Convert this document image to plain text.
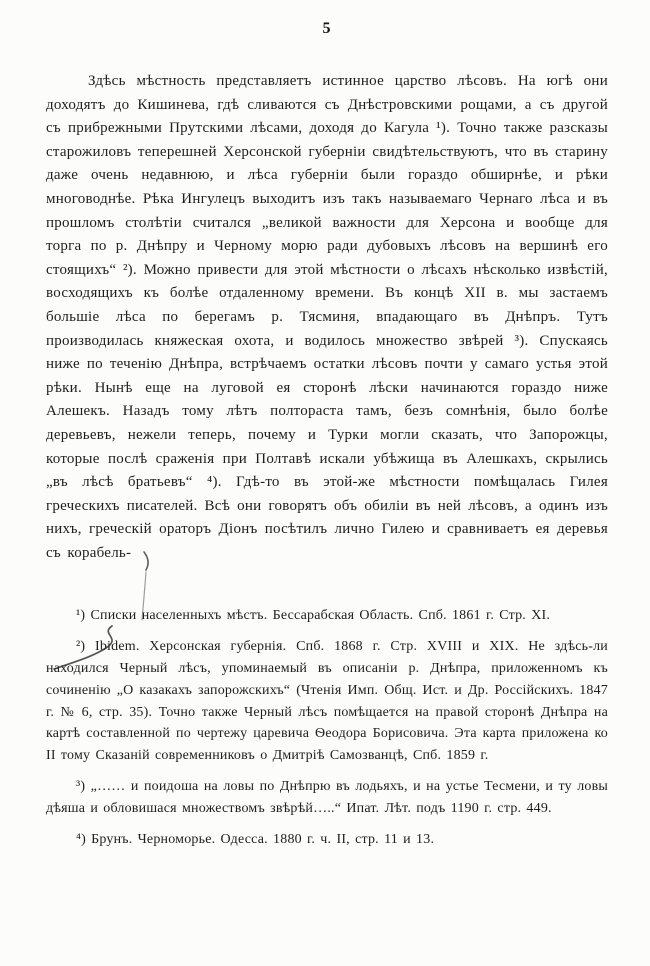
5

Здѣсь мѣстность представляетъ истинное царство лѣсовъ. На югѣ они доходятъ до Кишинева, гдѣ сливаются съ Днѣстровскими рощами, а съ другой съ прибрежными Прутскими лѣсами, доходя до Кагула ¹). Точно также разсказы старожиловъ теперешней Херсонской губерніи свидѣтельствуютъ, что въ старину даже очень недавнюю, и лѣса губерніи были гораздо обширнѣе, и рѣки многоводнѣе. Рѣка Ингулецъ выходитъ изъ такъ называемаго Чернаго лѣса и въ прошломъ столѣтіи считался „великой важности для Херсона и вообще для торга по р. Днѣпру и Черному морю ради дубовыхъ лѣсовъ на вершинѣ его стоящихъ“ ²). Можно привести для этой мѣстности о лѣсахъ нѣсколько извѣстій, восходящихъ къ болѣе отдаленному времени. Въ концѣ XII в. мы застаемъ большіе лѣса по берегамъ р. Тясминя, впадающаго въ Днѣпръ. Тутъ производилась княжеская охота, и водилось множество звѣрей ³). Спускаясь ниже по теченію Днѣпра, встрѣчаемъ остатки лѣсовъ почти у самаго устья этой рѣки. Нынѣ еще на луговой ея сторонѣ лѣски начинаются гораздо ниже Алешекъ. Назадъ тому лѣтъ полтораста тамъ, безъ сомнѣнія, было болѣе деревьевъ, нежели теперь, почему и Турки могли сказать, что Запорожцы, которые послѣ сраженія при Полтавѣ искали убѣжища въ Алешкахъ, скрылись „въ лѣсѣ братьевъ“ ⁴). Гдѣ-то въ этой-же мѣстности помѣщалась Гилея греческихъ писателей. Всѣ они говорятъ объ обиліи въ ней лѣсовъ, а одинъ изъ нихъ, греческій ораторъ Діонъ посѣтилъ лично Гилею и сравниваетъ ея деревья съ корабель-

¹) Списки населенныхъ мѣстъ. Бессарабская Область. Спб. 1861 г. Стр. XI.

²) Ibidem. Херсонская губернія. Спб. 1868 г. Стр. XVIII и XIX. Не здѣсь-ли находился Черный лѣсъ, упоминаемый въ описаніи р. Днѣпра, приложенномъ къ сочиненію „О казакахъ запорожскихъ“ (Чтенія Имп. Общ. Ист. и Др. Россійскихъ. 1847 г. № 6, стр. 35). Точно также Черный лѣсъ помѣщается на правой сторонѣ Днѣпра на картѣ составленной по чертежу царевича Ѳеодора Борисовича. Эта карта приложена ко II тому Сказаній современниковъ о Дмитріѣ Самозванцѣ, Спб. 1859 г.

³) „…… и поидоша на ловы по Днѣпрю въ лодьяхъ, и на устье Тесмени, и ту ловы дѣяша и обловишася множествомъ звѣрѣй…..“ Ипат. Лѣт. подъ 1190 г. стр. 449.

⁴) Брунъ. Черноморье. Одесса. 1880 г. ч. II, стр. 11 и 13.
